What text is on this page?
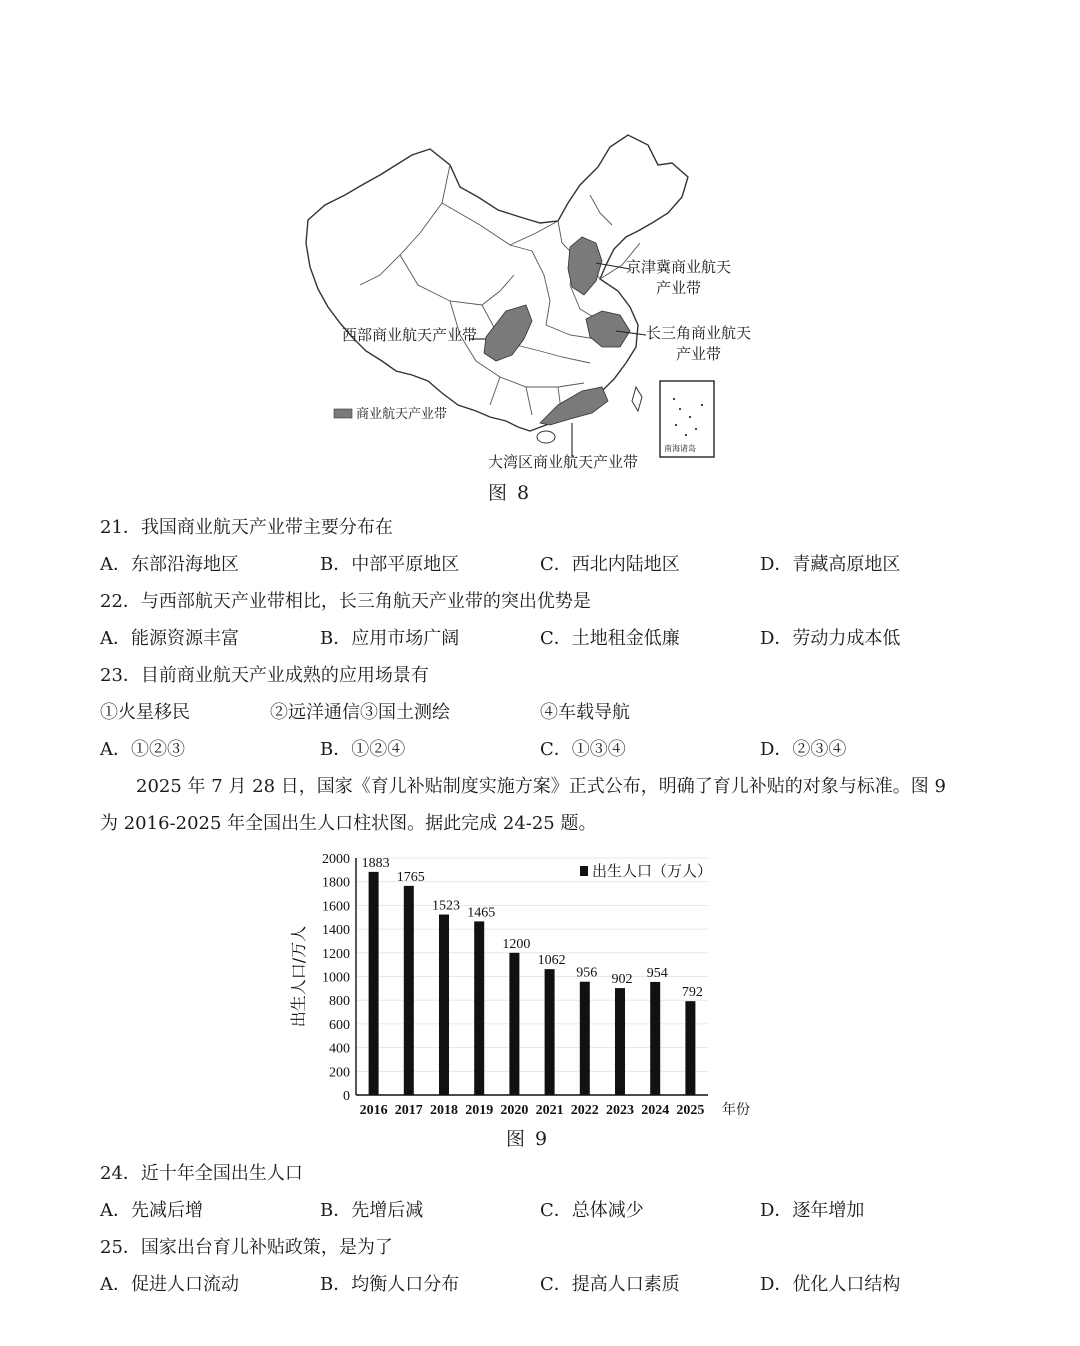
京津冀商业航天
产业带
长三角商业航天
产业带
西部商业航天产业带
大湾区商业航天产业带
商业航天产业带
南海诸岛
图 8
21．我国商业航天产业带主要分布在
A．东部沿海地区	B．中部平原地区	C．西北内陆地区	D．青藏高原地区
22．与西部航天产业带相比，长三角航天产业带的突出优势是
A．能源资源丰富	B．应用市场广阔	C．土地租金低廉	D．劳动力成本低
23．目前商业航天产业成熟的应用场景有
①火星移民	②远洋通信③国土测绘	④车载导航
A．①②③	B．①②④	C．①③④	D．②③④
2025 年 7 月 28 日，国家《育儿补贴制度实施方案》正式公布，明确了育儿补贴的对象与标准。图 9
为 2016-2025 年全国出生人口柱状图。据此完成 24-25 题。
0
200
400
600
800
1000
1200
1400
1600
1800
2000
出生人口/万人
1883
2016
1765
2017
1523
2018
1465
2019
1200
2020
1062
2021
956
2022
902
2023
954
2024
792
2025 年份
出生人口（万人）
图 9
24．近十年全国出生人口
A．先减后增	B．先增后减	C．总体减少	D．逐年增加
25．国家出台育儿补贴政策，是为了
A．促进人口流动	B．均衡人口分布	C．提高人口素质	D．优化人口结构
